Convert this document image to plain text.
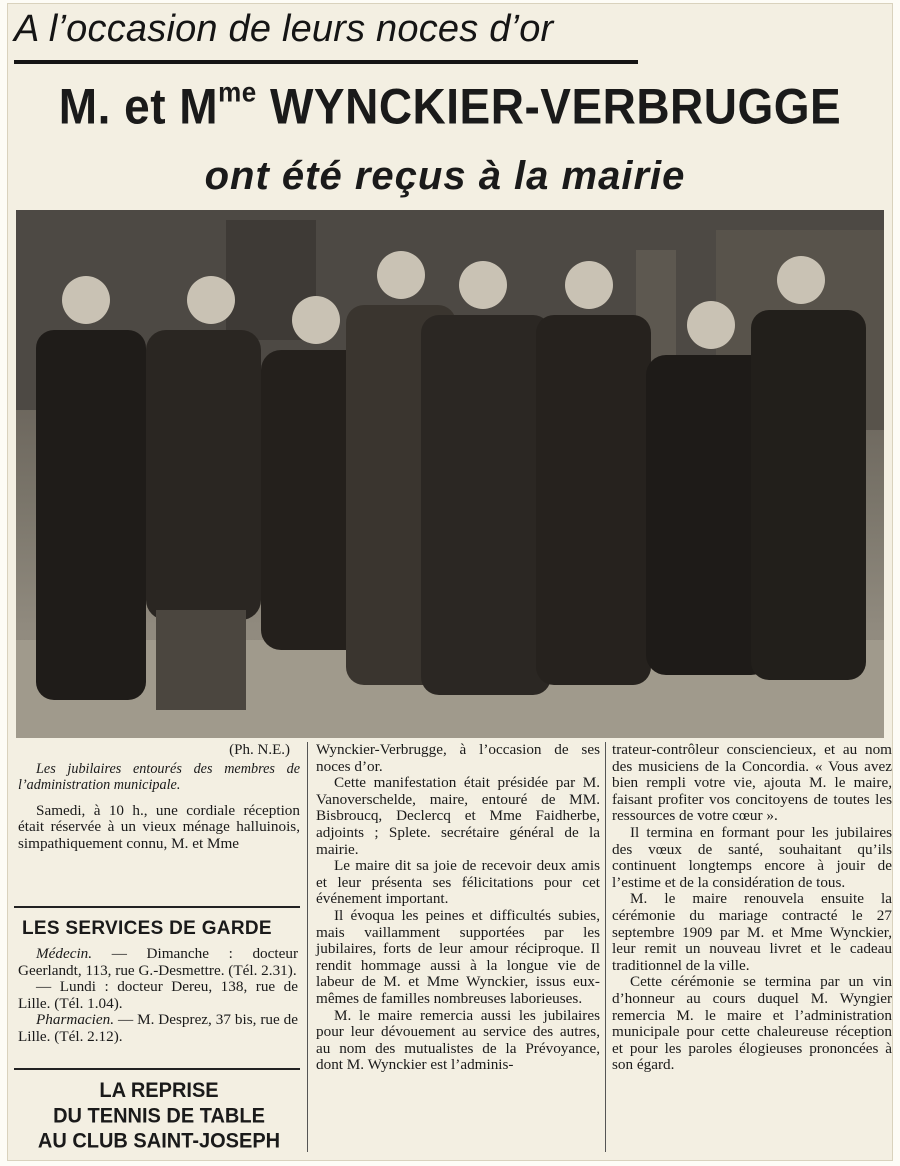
A l’occasion de leurs noces d’or
M. et $M^{me}$ WYNCKIER-VERBRUGGE
ont été reçus à la mairie
(Ph. N.E.)

Les jubilaires entourés des membres de l’administration municipale.

Samedi, à 10 h., une cordiale réception était réservée à un vieux ménage halluinois, simpathiquement connu, M. et Mme

LES SERVICES DE GARDE

Médecin. — Dimanche : docteur Geerlandt, 113, rue G.-Desmettre. (Tél. 2.31).

— Lundi : docteur Dereu, 138, rue de Lille. (Tél. 1.04).

Pharmacien. — M. Desprez, 37 bis, rue de Lille. (Tél. 2.12).

LA REPRISE
DU TENNIS DE TABLE
AU CLUB SAINT-JOSEPH

Wynckier-Verbrugge, à l’occasion de ses noces d’or.

Cette manifestation était présidée par M. Vanoverschelde, maire, entouré de MM. Bisbroucq, Declercq et Mme Faidherbe, adjoints ; Splete. secrétaire général de la mairie.

Le maire dit sa joie de recevoir deux amis et leur présenta ses félicitations pour cet événement important.

Il évoqua les peines et difficultés subies, mais vaillamment supportées par les jubilaires, forts de leur amour réciproque. Il rendit hommage aussi à la longue vie de labeur de M. et Mme Wynckier, issus eux-mêmes de familles nombreuses laborieuses.

M. le maire remercia aussi les jubilaires pour leur dévouement au service des autres, au nom des mutualistes de la Prévoyance, dont M. Wynckier est l’adminis-

trateur-contrôleur consciencieux, et au nom des musiciens de la Concordia. « Vous avez bien rempli votre vie, ajouta M. le maire, faisant profiter vos concitoyens de toutes les ressources de votre cœur ».

Il termina en formant pour les jubilaires des vœux de santé, souhaitant qu’ils continuent longtemps encore à jouir de l’estime et de la considération de tous.

M. le maire renouvela ensuite la cérémonie du mariage contracté le 27 septembre 1909 par M. et Mme Wynckier, leur remit un nouveau livret et le cadeau traditionnel de la ville.

Cette cérémonie se termina par un vin d’honneur au cours duquel M. Wyngier remercia M. le maire et l’administration municipale pour cette chaleureuse réception et pour les paroles élogieuses prononcées à son égard.
